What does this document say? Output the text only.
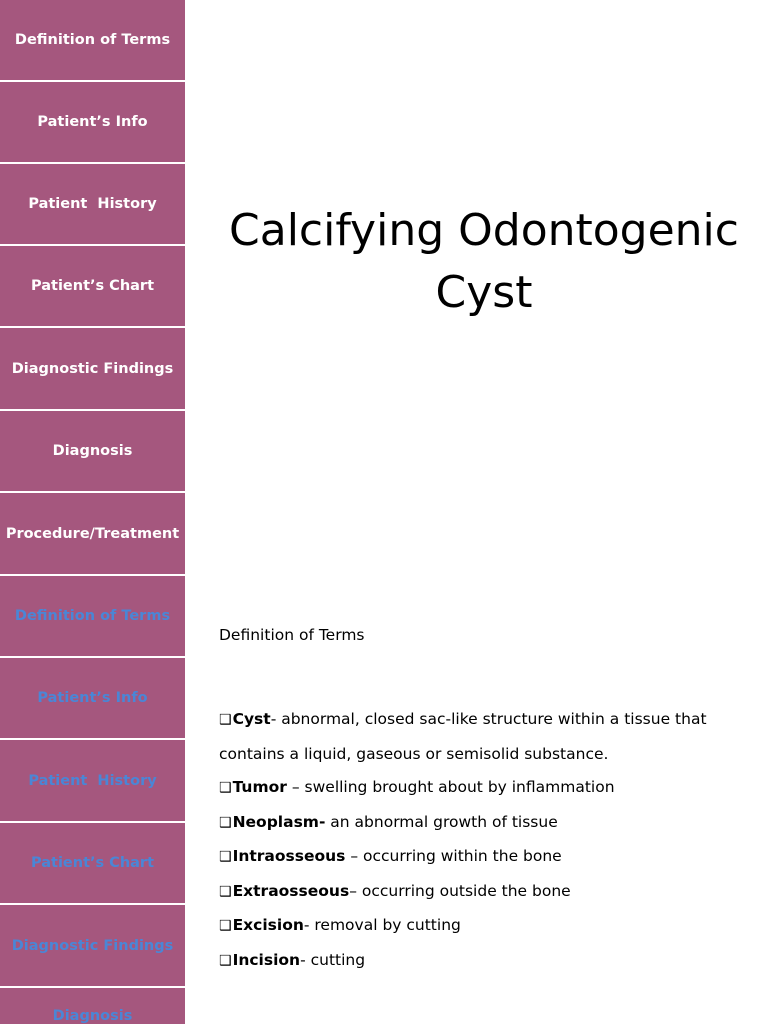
Definition of Terms
Patient’s Info
Patient  History
Patient’s Chart
Diagnostic Findings
Diagnosis
Procedure/Treatment
Definition of Terms
Patient’s Info
Patient  History
Patient’s Chart
Diagnostic Findings
Diagnosis
Calcifying Odontogenic
Cyst
Definition of Terms
❑Cyst- abnormal, closed sac-like structure within a tissue that contains a liquid, gaseous or semisolid substance.
❑Tumor – swelling brought about by inflammation
❑Neoplasm- an abnormal growth of tissue
❑Intraosseous – occurring within the bone
❑Extraosseous– occurring outside the bone
❑Excision- removal by cutting
❑Incision- cutting
